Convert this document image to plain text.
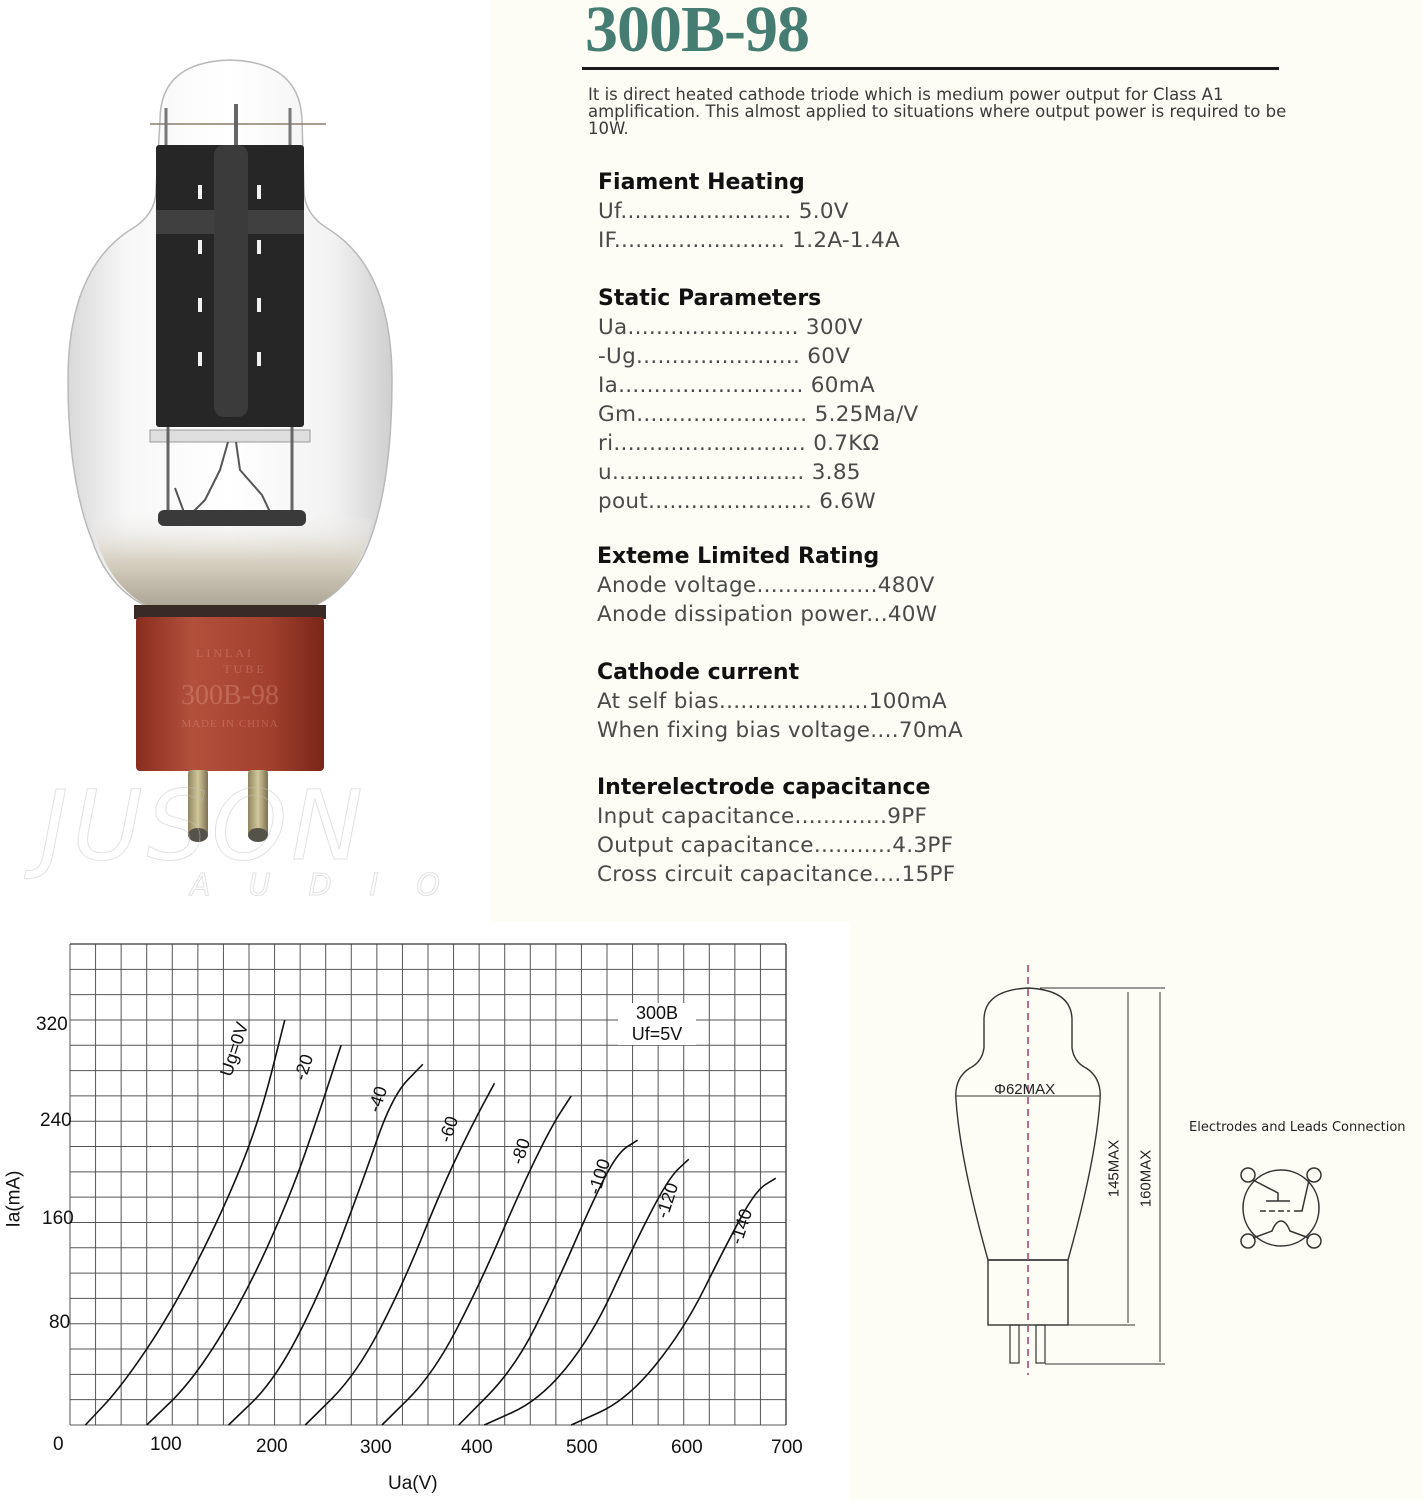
LINLAI
TUBE
300B-98
MADE IN CHINA
JUSON
AUDIO
300B-98
It is direct heated cathode triode which is medium power output for Class A1 amplification. This almost applied to situations where output power is required to be 10W.
Fiament Heating
Uf........................ 5.0V
IF........................ 1.2A-1.4A
Static Parameters
Ua........................ 300V
-Ug....................... 60V
Ia.......................... 60mA
Gm........................ 5.25Ma/V
ri........................... 0.7KΩ
u........................... 3.85
pout....................... 6.6W
Exteme Limited Rating
Anode voltage.................480V
Anode dissipation power...40W
Cathode current
At self bias.....................100mA
When fixing bias voltage....70mA
Interelectrode capacitance
Input capacitance.............9PF
Output capacitance...........4.3PF
Cross circuit capacitance....15PF
320
240
160
80
0	100	200	300	400	500	600	700
Ia(mA)
Ua(V)
300B
Uf=5V
Ug=0V -20
-40
-60
-80
-100
-120
-140
Φ62MAX
145MAX 160MAX
Electrodes and Leads Connection
